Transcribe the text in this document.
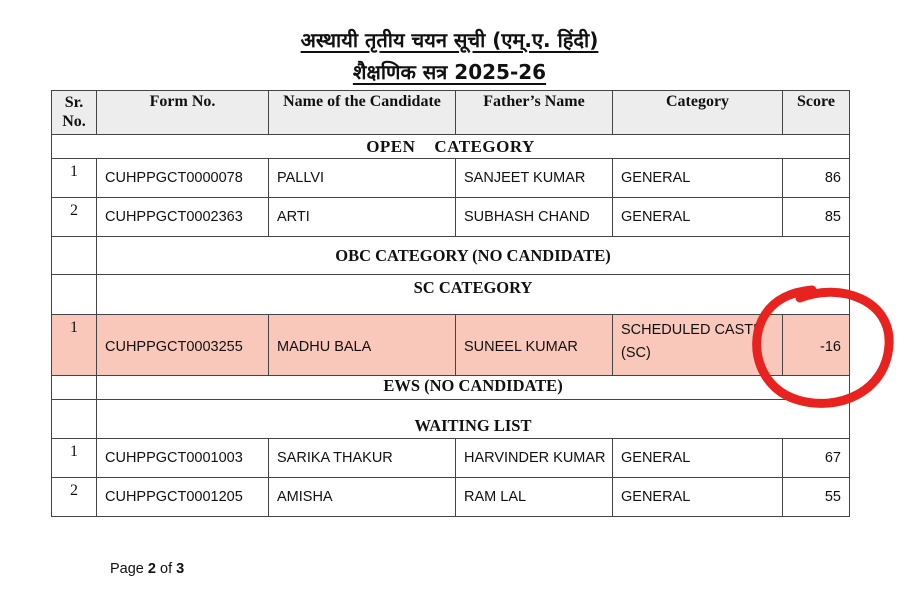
अस्थायी तृतीय चयन सूची (एम्.ए. हिंदी)
शैक्षणिक सत्र 2025-26
Sr.
No.	Form No.	Name of the Candidate	Father’s Name	Category	Score
OPEN    CATEGORY					
1	CUHPPGCT0000078	PALLVI	SANJEET KUMAR	GENERAL	86
2	CUHPPGCT0002363	ARTI	SUBHASH CHAND	GENERAL	85
	OBC CATEGORY (NO CANDIDATE)				
	SC CATEGORY				
1	CUHPPGCT0003255	MADHU BALA	SUNEEL KUMAR	SCHEDULED CASTE (SC)	-16
	EWS (NO CANDIDATE)				
	WAITING LIST				
1	CUHPPGCT0001003	SARIKA THAKUR	HARVINDER KUMAR	GENERAL	67
2	CUHPPGCT0001205	AMISHA	RAM LAL	GENERAL	55
Page 2 of 3
